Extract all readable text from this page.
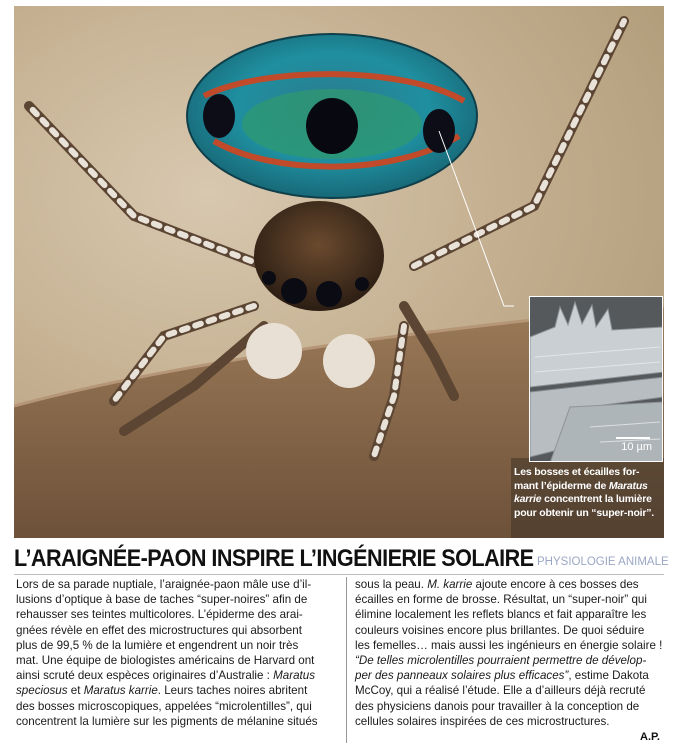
10 µm
Les bosses et écailles for-
mant l’épiderme de Maratus
karrie concentrent la lumière
pour obtenir un “super-noir”.
L’ARAIGNÉE-PAON INSPIRE L’INGÉNIERIE SOLAIRE PHYSIOLOGIE ANIMALE
Lors de sa parade nuptiale, l’araignée-paon mâle use d’il-
lusions d’optique à base de taches “super-noires” afin de
rehausser ses teintes multicolores. L’épiderme des arai-
gnées révèle en effet des microstructures qui absorbent
plus de 99,5 % de la lumière et engendrent un noir très
mat. Une équipe de biologistes américains de Harvard ont
ainsi scruté deux espèces originaires d’Australie : Maratus
speciosus et Maratus karrie. Leurs taches noires abritent
des bosses microscopiques, appelées “microlentilles”, qui
concentrent la lumière sur les pigments de mélanine situés
sous la peau. M. karrie ajoute encore à ces bosses des
écailles en forme de brosse. Résultat, un “super-noir” qui
élimine localement les reflets blancs et fait apparaître les
couleurs voisines encore plus brillantes. De quoi séduire
les femelles… mais aussi les ingénieurs en énergie solaire !
“De telles microlentilles pourraient permettre de dévelop-
per des panneaux solaires plus efficaces”, estime Dakota
McCoy, qui a réalisé l’étude. Elle a d’ailleurs déjà recruté
des physiciens danois pour travailler à la conception de
cellules solaires inspirées de ces microstructures.
A.P.
